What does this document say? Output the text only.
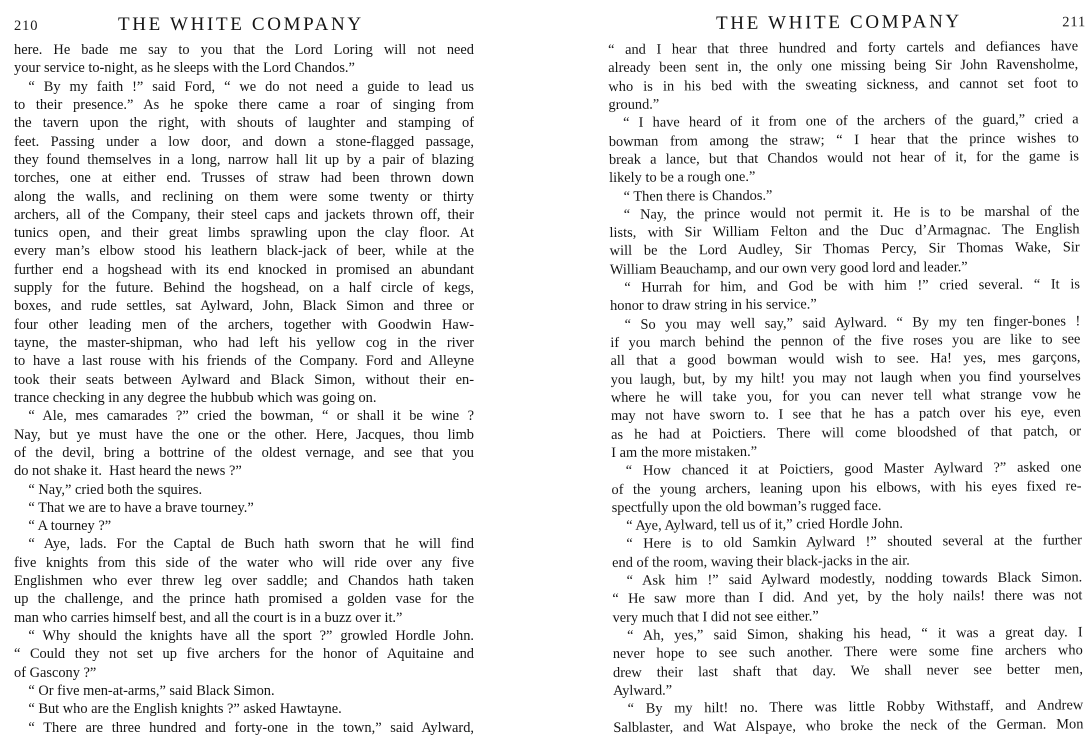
210	THE WHITE COMPANY
here. He bade me say to you that the Lord Loring will not need
your service to-night, as he sleeps with the Lord Chandos.”
  “ By my faith !” said Ford, “ we do not need a guide to lead us
to their presence.” As he spoke there came a roar of singing from
the tavern upon the right, with shouts of laughter and stamping of
feet. Passing under a low door, and down a stone-flagged passage,
they found themselves in a long, narrow hall lit up by a pair of blazing
torches, one at either end. Trusses of straw had been thrown down
along the walls, and reclining on them were some twenty or thirty
archers, all of the Company, their steel caps and jackets thrown off, their
tunics open, and their great limbs sprawling upon the clay floor. At
every man’s elbow stood his leathern black-jack of beer, while at the
further end a hogshead with its end knocked in promised an abundant
supply for the future. Behind the hogshead, on a half circle of kegs,
boxes, and rude settles, sat Aylward, John, Black Simon and three or
four other leading men of the archers, together with Goodwin Haw-
tayne, the master-shipman, who had left his yellow cog in the river
to have a last rouse with his friends of the Company. Ford and Alleyne
took their seats between Aylward and Black Simon, without their en-
trance checking in any degree the hubbub which was going on.
  “ Ale, mes camarades ?” cried the bowman, “ or shall it be wine ?
Nay, but ye must have the one or the other. Here, Jacques, thou limb
of the devil, bring a bottrine of the oldest vernage, and see that you
do not shake it.  Hast heard the news ?”
  “ Nay,” cried both the squires.
  “ That we are to have a brave tourney.”
  “ A tourney ?”
  “ Aye, lads. For the Captal de Buch hath sworn that he will find
five knights from this side of the water who will ride over any five
Englishmen who ever threw leg over saddle; and Chandos hath taken
up the challenge, and the prince hath promised a golden vase for the
man who carries himself best, and all the court is in a buzz over it.”
  “ Why should the knights have all the sport ?” growled Hordle John.
“ Could they not set up five archers for the honor of Aquitaine and
of Gascony ?”
  “ Or five men-at-arms,” said Black Simon.
  “ But who are the English knights ?” asked Hawtayne.
  “ There are three hundred and forty-one in the town,” said Aylward,
THE WHITE COMPANY	211
“ and I hear that three hundred and forty cartels and defiances have
already been sent in, the only one missing being Sir John Ravensholme,
who is in his bed with the sweating sickness, and cannot set foot to
ground.”
  “ I have heard of it from one of the archers of the guard,” cried a
bowman from among the straw; “ I hear that the prince wishes to
break a lance, but that Chandos would not hear of it, for the game is
likely to be a rough one.”
  “ Then there is Chandos.”
  “ Nay, the prince would not permit it. He is to be marshal of the
lists, with Sir William Felton and the Duc d’Armagnac. The English
will be the Lord Audley, Sir Thomas Percy, Sir Thomas Wake, Sir
William Beauchamp, and our own very good lord and leader.”
  “ Hurrah for him, and God be with him !” cried several. “ It is
honor to draw string in his service.”
  “ So you may well say,” said Aylward. “ By my ten finger-bones !
if you march behind the pennon of the five roses you are like to see
all that a good bowman would wish to see. Ha! yes, mes garçons,
you laugh, but, by my hilt! you may not laugh when you find yourselves
where he will take you, for you can never tell what strange vow he
may not have sworn to. I see that he has a patch over his eye, even
as he had at Poictiers. There will come bloodshed of that patch, or
I am the more mistaken.”
  “ How chanced it at Poictiers, good Master Aylward ?” asked one
of the young archers, leaning upon his elbows, with his eyes fixed re-
spectfully upon the old bowman’s rugged face.
  “ Aye, Aylward, tell us of it,” cried Hordle John.
  “ Here is to old Samkin Aylward !” shouted several at the further
end of the room, waving their black-jacks in the air.
  “ Ask him !” said Aylward modestly, nodding towards Black Simon.
“ He saw more than I did. And yet, by the holy nails! there was not
very much that I did not see either.”
  “ Ah, yes,” said Simon, shaking his head, “ it was a great day. I
never hope to see such another. There were some fine archers who
drew their last shaft that day. We shall never see better men,
Aylward.”
  “ By my hilt! no. There was little Robby Withstaff, and Andrew
Salblaster, and Wat Alspaye, who broke the neck of the German. Mon
